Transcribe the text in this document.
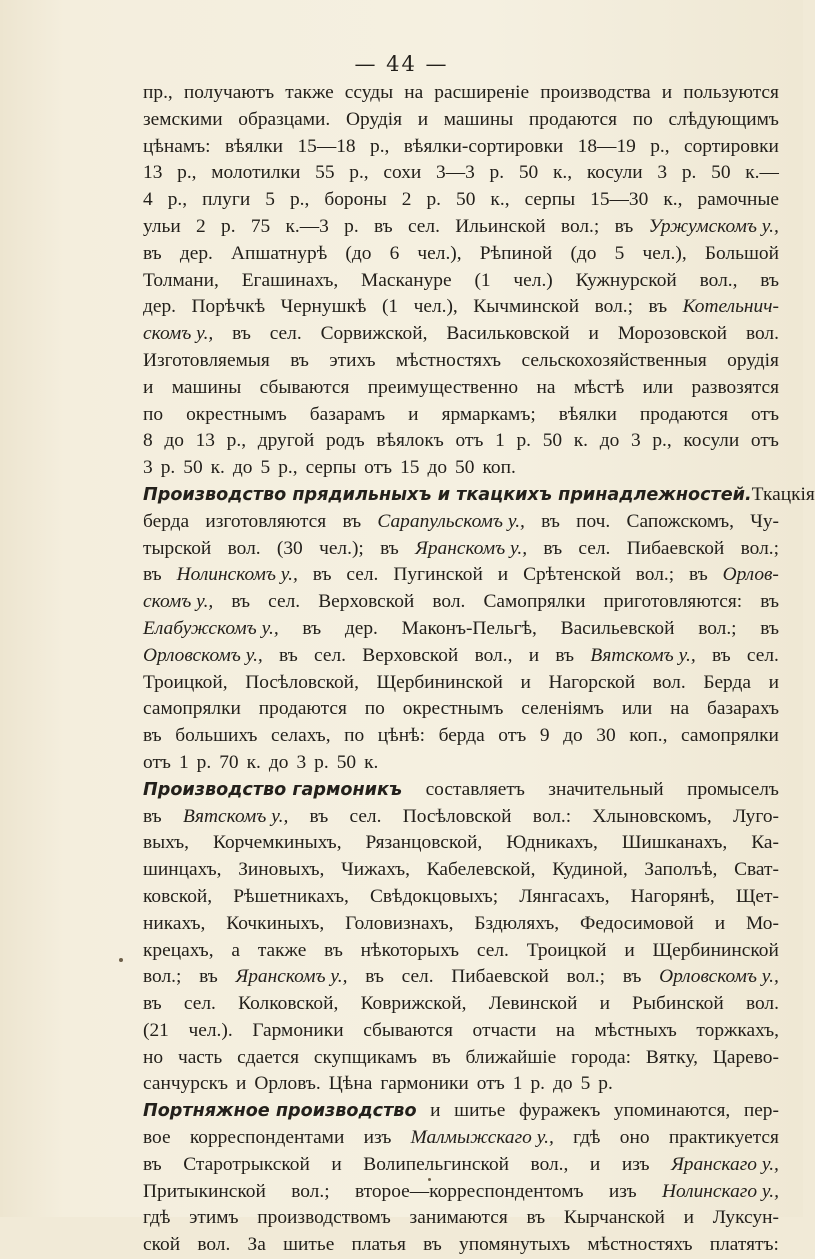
— 44 —
пр., получаютъ также ссуды на расширеніе производства и пользуются
земскими образцами. Орудія и машины продаются по слѣдующимъ
цѣнамъ: вѣялки 15—18 р., вѣялки-сортировки 18—19 р., сортировки
13 р., молотилки 55 р., сохи 3—3 р. 50 к., косули 3 р. 50 к.—
4 р., плуги 5 р., бороны 2 р. 50 к., серпы 15—30 к., рамочные
ульи 2 р. 75 к.—3 р. въ сел. Ильинской вол.; въ Уржумскомъ у.,
въ дер. Апшатнурѣ (до 6 чел.), Рѣпиной (до 5 чел.), Большой
Толмани, Егашинахъ, Маскануре (1 чел.) Кужнурской вол., въ
дер. Порѣчкѣ Чернушкѣ (1 чел.), Кычминской вол.; въ Котельнич-
скомъ у., въ сел. Сорвижской, Васильковской и Морозовской вол.
Изготовляемыя въ этихъ мѣстностяхъ сельскохозяйственныя орудія
и машины сбываются преимущественно на мѣстѣ или развозятся
по окрестнымъ базарамъ и ярмаркамъ; вѣялки продаются отъ
8 до 13 р., другой родъ вѣялокъ отъ 1 р. 50 к. до 3 р., косули отъ
3 р. 50 к. до 5 р., серпы отъ 15 до 50 коп.
Производство прядильныхъ и ткацкихъ принадлежностей. Ткацкія
берда изготовляются въ Сарапульскомъ у., въ поч. Сапожскомъ, Чу-
тырской вол. (30 чел.); въ Яранскомъ у., въ сел. Пибаевской вол.;
въ Нолинскомъ у., въ сел. Пугинской и Срѣтенской вол.; въ Орлов-
скомъ у., въ сел. Верховской вол. Самопрялки приготовляются: въ
Елабужскомъ у., въ дер. Маконъ-Пельгѣ, Васильевской вол.; въ
Орловскомъ у., въ сел. Верховской вол., и въ Вятскомъ у., въ сел.
Троицкой, Посѣловской, Щербининской и Нагорской вол. Берда и
самопрялки продаются по окрестнымъ селеніямъ или на базарахъ
въ большихъ селахъ, по цѣнѣ: берда отъ 9 до 30 коп., самопрялки
отъ 1 р. 70 к. до 3 р. 50 к.
Производство гармоникъ составляетъ значительный промыселъ
въ Вятскомъ у., въ сел. Посѣловской вол.: Хлыновскомъ, Луго-
выхъ, Корчемкиныхъ, Рязанцовской, Юдникахъ, Шишканахъ, Ка-
шинцахъ, Зиновыхъ, Чижахъ, Кабелевской, Кудиной, Заполъѣ, Сват-
ковской, Рѣшетникахъ, Свѣдокцовыхъ; Лянгасахъ, Нагорянѣ, Щет-
никахъ, Кочкиныхъ, Головизнахъ, Бздюляхъ, Федосимовой и Мо-
крецахъ, а также въ нѣкоторыхъ сел. Троицкой и Щербининской
вол.; въ Яранскомъ у., въ сел. Пибаевской вол.; въ Орловскомъ у.,
въ сел. Колковской, Коврижской, Левинской и Рыбинской вол.
(21 чел.). Гармоники сбываются отчасти на мѣстныхъ торжкахъ,
но часть сдается скупщикамъ въ ближайшіе города: Вятку, Царево-
санчурскъ и Орловъ. Цѣна гармоники отъ 1 р. до 5 р.
Портняжное производство и шитье фуражекъ упоминаются, пер-
вое корреспондентами изъ Малмыжскаго у., гдѣ оно практикуется
въ Старотрыкской и Волипельгинской вол., и изъ Яранскаго у.,
Притыкинской вол.; второе—корреспондентомъ изъ Нолинскаго у.,
гдѣ этимъ производствомъ занимаются въ Кырчанской и Луксун-
ской вол. За шитье платья въ упомянутыхъ мѣстностяхъ платятъ:
